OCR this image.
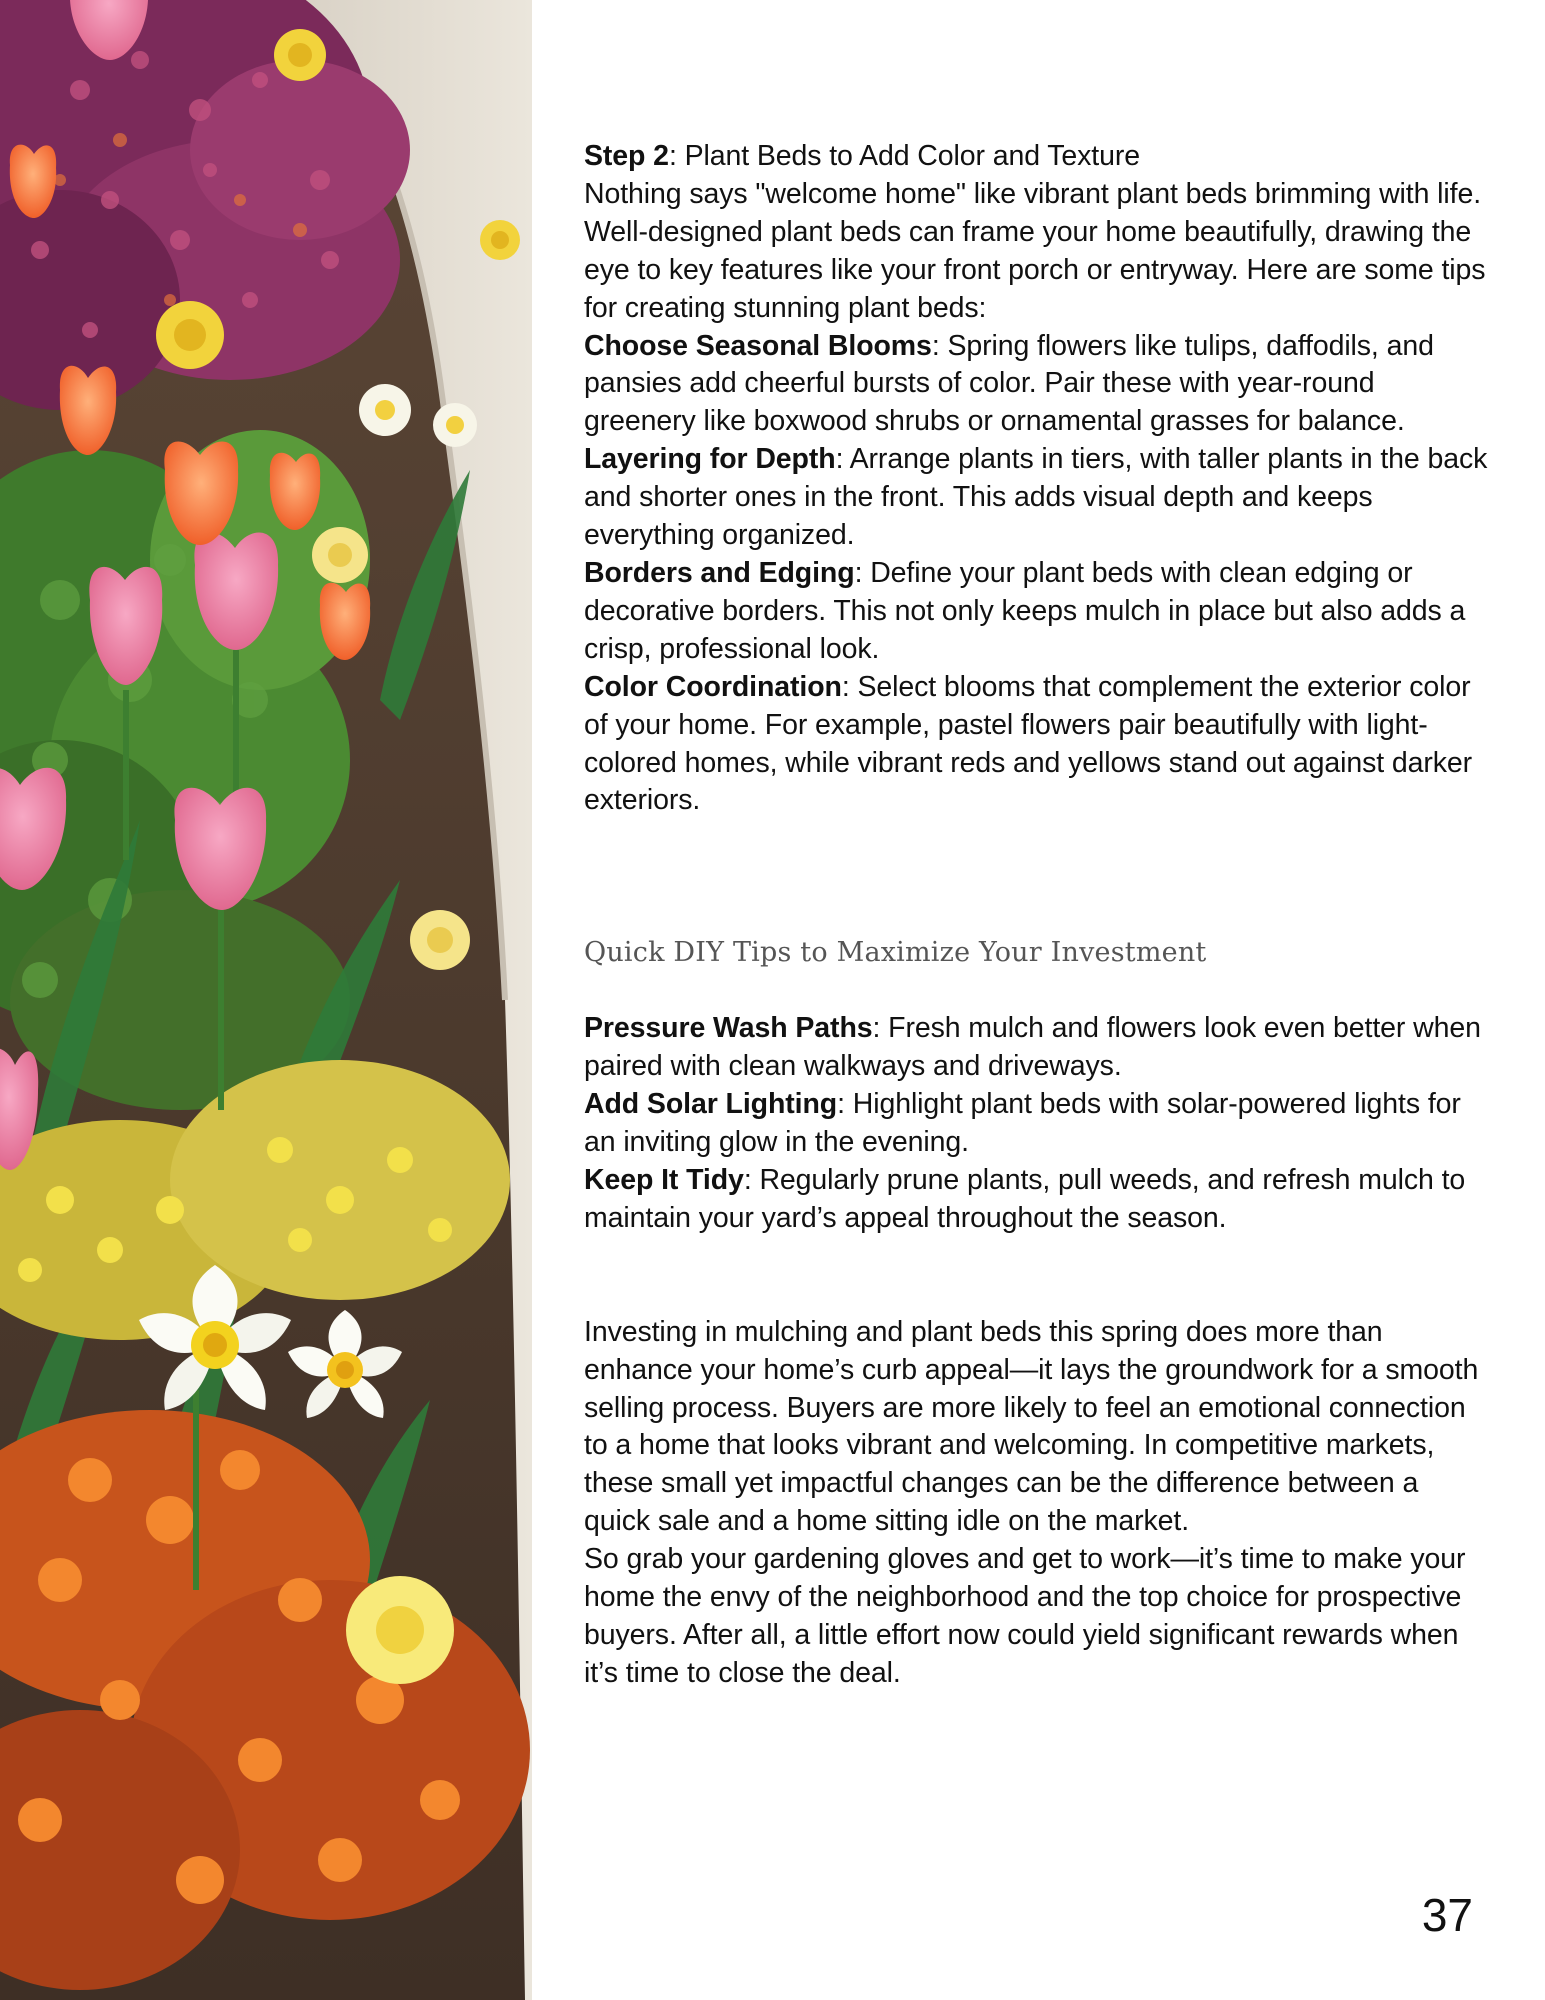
Step 2: Plant Beds to Add Color and Texture

Nothing says "welcome home" like vibrant plant beds brimming with life. Well-designed plant beds can frame your home beautifully, drawing the eye to key features like your front porch or entryway. Here are some tips for creating stunning plant beds:

Choose Seasonal Blooms: Spring flowers like tulips, daffodils, and pansies add cheerful bursts of color. Pair these with year-round greenery like boxwood shrubs or ornamental grasses for balance.

Layering for Depth: Arrange plants in tiers, with taller plants in the back and shorter ones in the front. This adds visual depth and keeps everything organized.

Borders and Edging: Define your plant beds with clean edging or decorative borders. This not only keeps mulch in place but also adds a crisp, professional look.

Color Coordination: Select blooms that complement the exterior color of your home. For example, pastel flowers pair beautifully with light-colored homes, while vibrant reds and yellows stand out against darker exteriors.

Quick DIY Tips to Maximize Your Investment

Pressure Wash Paths: Fresh mulch and flowers look even better when paired with clean walkways and driveways.

Add Solar Lighting: Highlight plant beds with solar-powered lights for an inviting glow in the evening.

Keep It Tidy: Regularly prune plants, pull weeds, and refresh mulch to maintain your yard’s appeal throughout the season.

Investing in mulching and plant beds this spring does more than enhance your home’s curb appeal—it lays the groundwork for a smooth selling process. Buyers are more likely to feel an emotional connection to a home that looks vibrant and welcoming. In competitive markets, these small yet impactful changes can be the difference between a quick sale and a home sitting idle on the market.

So grab your gardening gloves and get to work—it’s time to make your home the envy of the neighborhood and the top choice for prospective buyers. After all, a little effort now could yield significant rewards when it’s time to close the deal.

37
